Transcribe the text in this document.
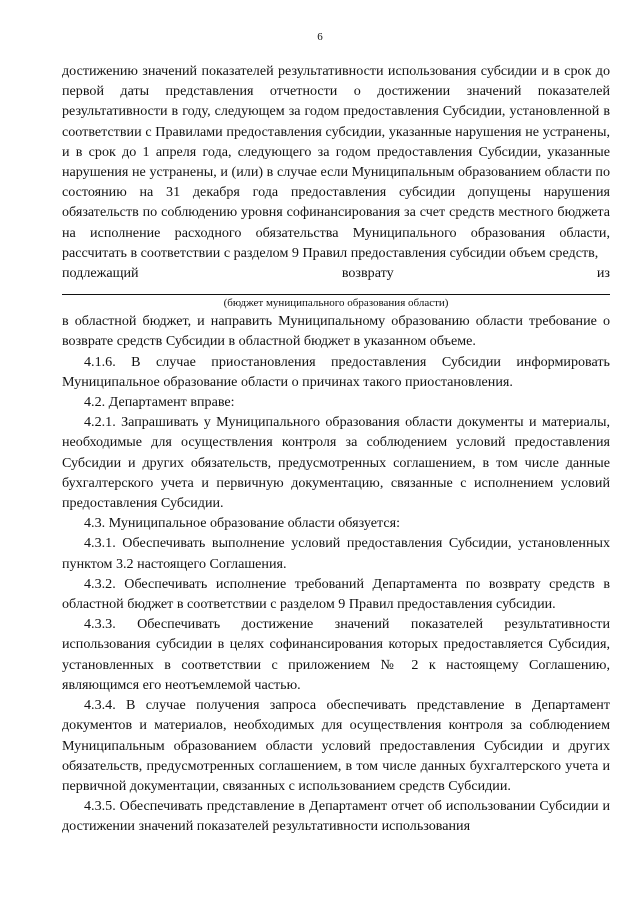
6

достижению значений показателей результативности использования субсидии и в срок до первой даты представления отчетности о достижении значений показателей результативности в году, следующем за годом предоставления Субсидии, установленной в соответствии с Правилами предоставления субсидии, указанные нарушения не устранены, и в срок до 1 апреля года, следующего за годом предоставления Субсидии, указанные нарушения не устранены, и (или) в случае если Муниципальным образованием области по состоянию на 31 декабря года предоставления субсидии допущены нарушения обязательств по соблюдению уровня софинансирования за счет средств местного бюджета на исполнение расходного обязательства Муниципального образования области, рассчитать в соответствии с разделом 9 Правил предоставления субсидии объем средств,

подлежащий	возврату	из
(бюджет муниципального образования области)

в областной бюджет, и направить Муниципальному образованию области требование о возврате средств Субсидии в областной бюджет в указанном объеме.

4.1.6. В случае приостановления предоставления Субсидии информировать Муниципальное образование области о причинах такого приостановления.

4.2. Департамент вправе:

4.2.1. Запрашивать у Муниципального образования области документы и материалы, необходимые для осуществления контроля за соблюдением условий предоставления Субсидии и других обязательств, предусмотренных соглашением, в том числе данные бухгалтерского учета и первичную документацию, связанные с исполнением условий предоставления Субсидии.

4.3. Муниципальное образование области обязуется:

4.3.1. Обеспечивать выполнение условий предоставления Субсидии, установленных пунктом 3.2 настоящего Соглашения.

4.3.2. Обеспечивать исполнение требований Департамента по возврату средств в областной бюджет в соответствии с разделом 9 Правил предоставления субсидии.

4.3.3. Обеспечивать достижение значений показателей результативности использования субсидии в целях софинансирования которых предоставляется Субсидия, установленных в соответствии с приложением № 2 к настоящему Соглашению, являющимся его неотъемлемой частью.

4.3.4. В случае получения запроса обеспечивать представление в Департамент документов и материалов, необходимых для осуществления контроля за соблюдением Муниципальным образованием области условий предоставления Субсидии и других обязательств, предусмотренных соглашением, в том числе данных бухгалтерского учета и первичной документации, связанных с использованием средств Субсидии.

4.3.5. Обеспечивать представление в Департамент отчет об использовании Субсидии и достижении значений показателей результативности использования
